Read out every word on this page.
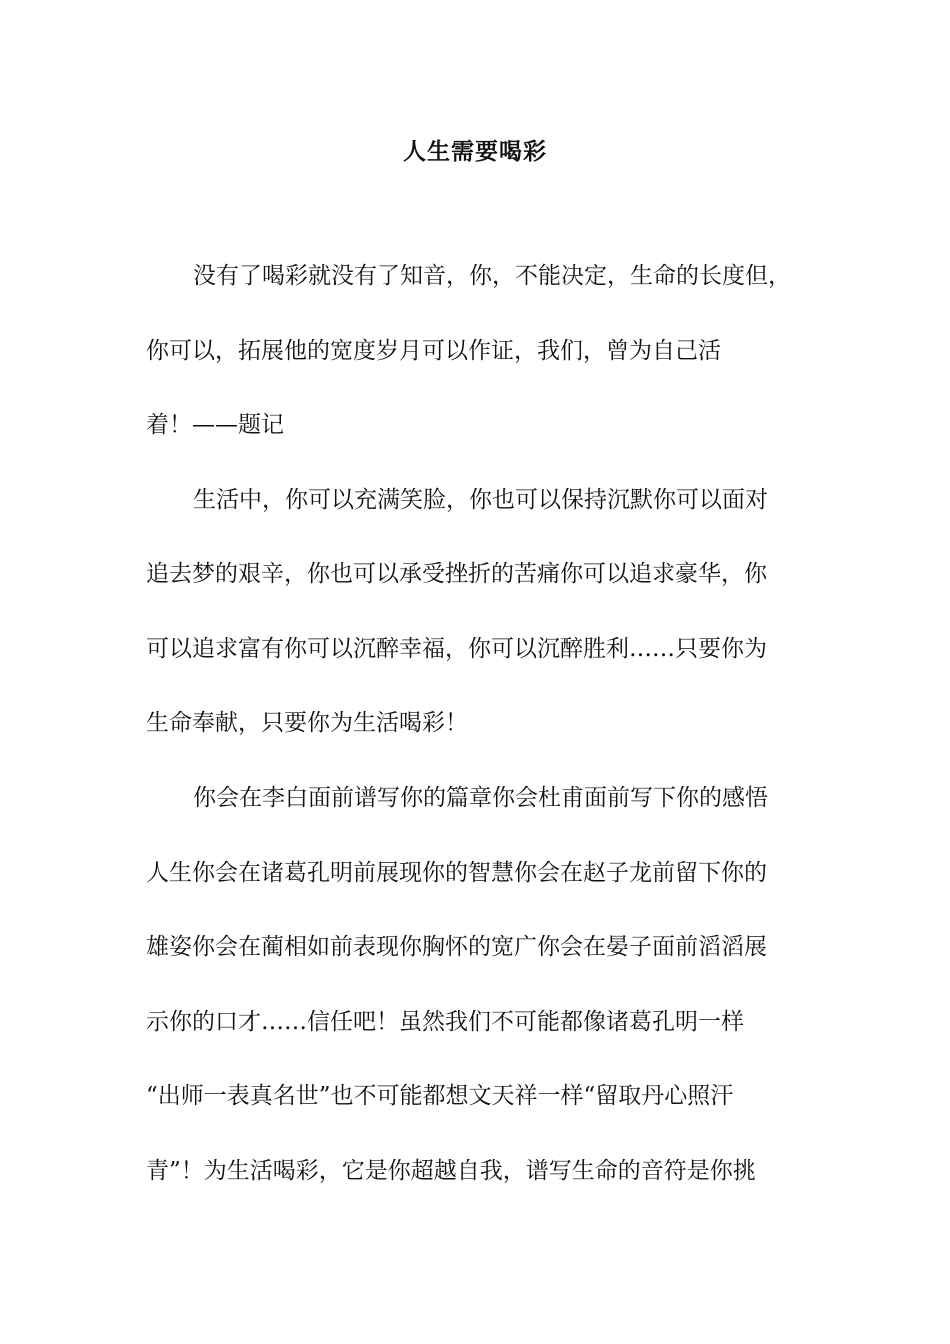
人生需要喝彩
没有了喝彩就没有了知音，你，不能决定，生命的长度但，
你可以，拓展他的宽度岁月可以作证，我们，曾为自己活
着！——题记
生活中，你可以充满笑脸，你也可以保持沉默你可以面对
追去梦的艰辛，你也可以承受挫折的苦痛你可以追求豪华，你
可以追求富有你可以沉醉幸福，你可以沉醉胜利……只要你为
生命奉献，只要你为生活喝彩！
你会在李白面前谱写你的篇章你会杜甫面前写下你的感悟
人生你会在诸葛孔明前展现你的智慧你会在赵子龙前留下你的
雄姿你会在蔺相如前表现你胸怀的宽广你会在晏子面前滔滔展
示你的口才……信任吧！虽然我们不可能都像诸葛孔明一样
“出师一表真名世”也不可能都想文天祥一样“留取丹心照汗
青”！为生活喝彩，它是你超越自我，谱写生命的音符是你挑
